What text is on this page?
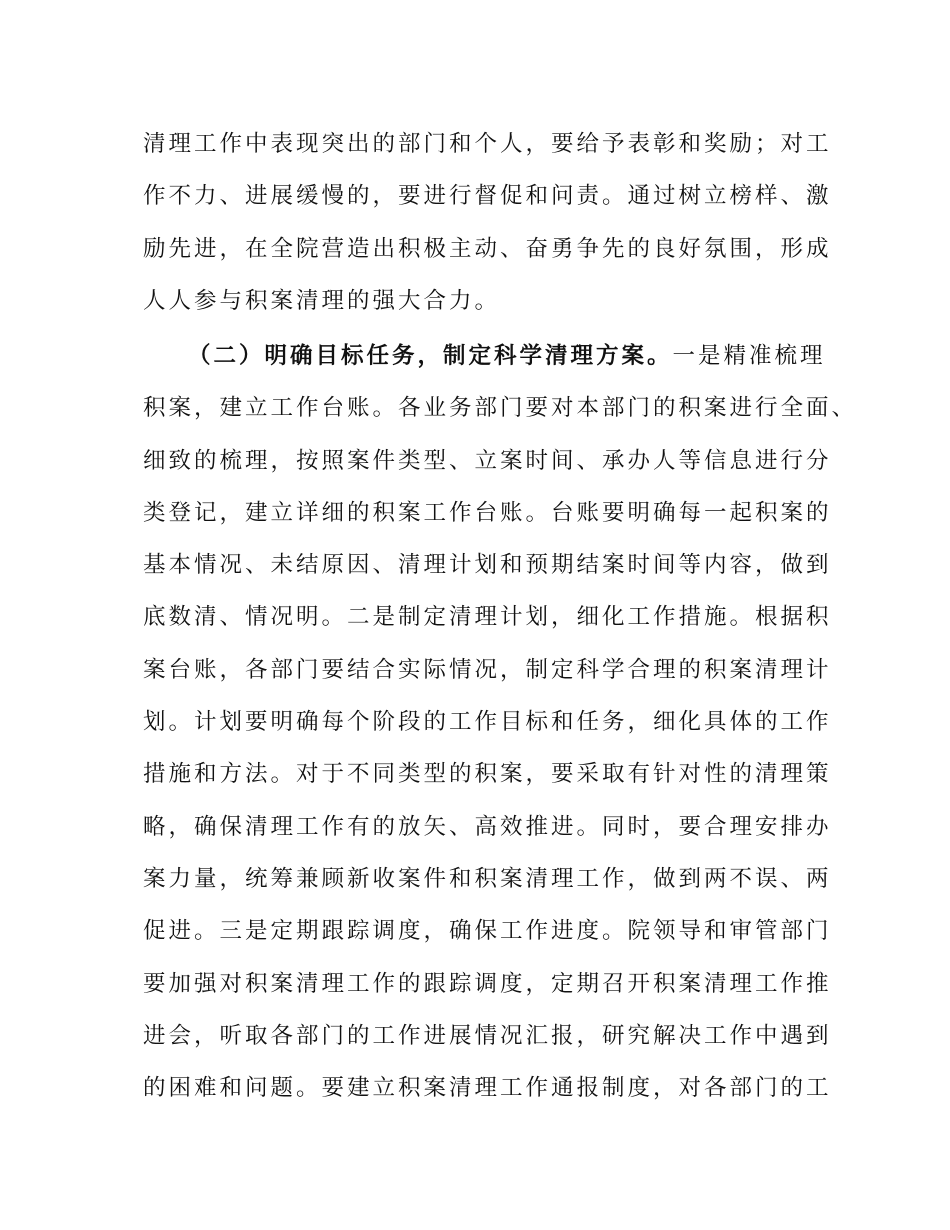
清理工作中表现突出的部门和个人，要给予表彰和奖励；对工
作不力、进展缓慢的，要进行督促和问责。通过树立榜样、激
励先进，在全院营造出积极主动、奋勇争先的良好氛围，形成
人人参与积案清理的强大合力。
（二）明确目标任务，制定科学清理方案。一是精准梳理
积案，建立工作台账。各业务部门要对本部门的积案进行全面、
细致的梳理，按照案件类型、立案时间、承办人等信息进行分
类登记，建立详细的积案工作台账。台账要明确每一起积案的
基本情况、未结原因、清理计划和预期结案时间等内容，做到
底数清、情况明。二是制定清理计划，细化工作措施。根据积
案台账，各部门要结合实际情况，制定科学合理的积案清理计
划。计划要明确每个阶段的工作目标和任务，细化具体的工作
措施和方法。对于不同类型的积案，要采取有针对性的清理策
略，确保清理工作有的放矢、高效推进。同时，要合理安排办
案力量，统筹兼顾新收案件和积案清理工作，做到两不误、两
促进。三是定期跟踪调度，确保工作进度。院领导和审管部门
要加强对积案清理工作的跟踪调度，定期召开积案清理工作推
进会，听取各部门的工作进展情况汇报，研究解决工作中遇到
的困难和问题。要建立积案清理工作通报制度，对各部门的工
